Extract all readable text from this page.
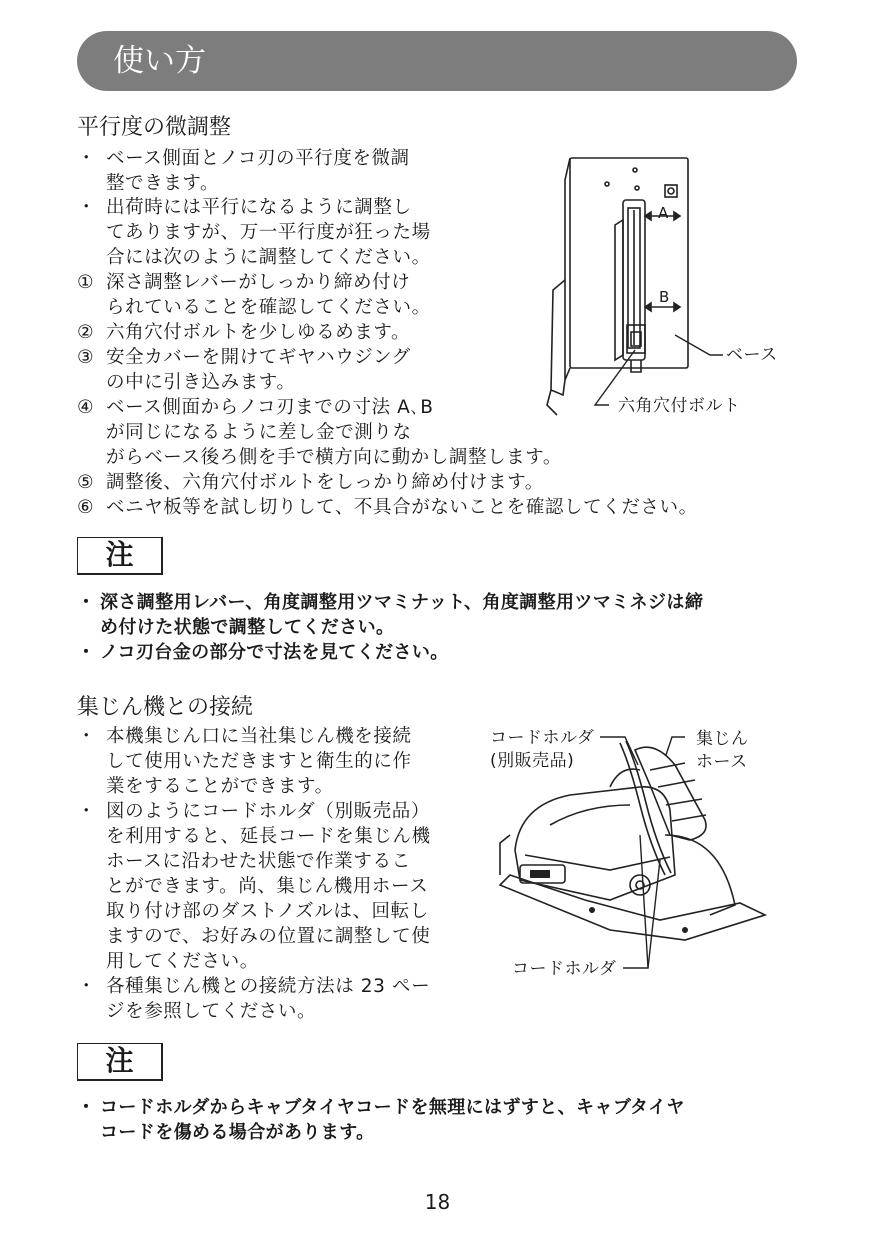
使い方
平行度の微調整
・ ベース側面とノコ刃の平行度を微調
整できます。
・ 出荷時には平行になるように調整し
てありますが、万一平行度が狂った場
合には次のように調整してください。
① 深さ調整レバーがしっかり締め付け
られていることを確認してください。
② 六角穴付ボルトを少しゆるめます。
③ 安全カバーを開けてギヤハウジング
の中に引き込みます。
④ ベース側面からノコ刃までの寸法 A､B
が同じになるように差し金で測りな
がらベース後ろ側を手で横方向に動かし調整します。
⑤ 調整後、六角穴付ボルトをしっかり締め付けます。
⑥ ベニヤ板等を試し切りして、不具合がないことを確認してください。
A
B
ベース
六角穴付ボルト
注
・ 深さ調整用レバー、角度調整用ツマミナット、角度調整用ツマミネジは締
め付けた状態で調整してください。
・ ノコ刃台金の部分で寸法を見てください。
集じん機との接続
・ 本機集じん口に当社集じん機を接続
して使用いただきますと衛生的に作
業をすることができます。
・ 図のようにコードホルダ（別販売品）
を利用すると、延長コードを集じん機
ホースに沿わせた状態で作業するこ
とができます。尚、集じん機用ホース
取り付け部のダストノズルは、回転し
ますので、お好みの位置に調整して使
用してください。
・ 各種集じん機との接続方法は 23 ペー
ジを参照してください。
コードホルダ
(別販売品)
集じん
ホース
コードホルダ
注
・ コードホルダからキャブタイヤコードを無理にはずすと、キャブタイヤ
コードを傷める場合があります。
18
